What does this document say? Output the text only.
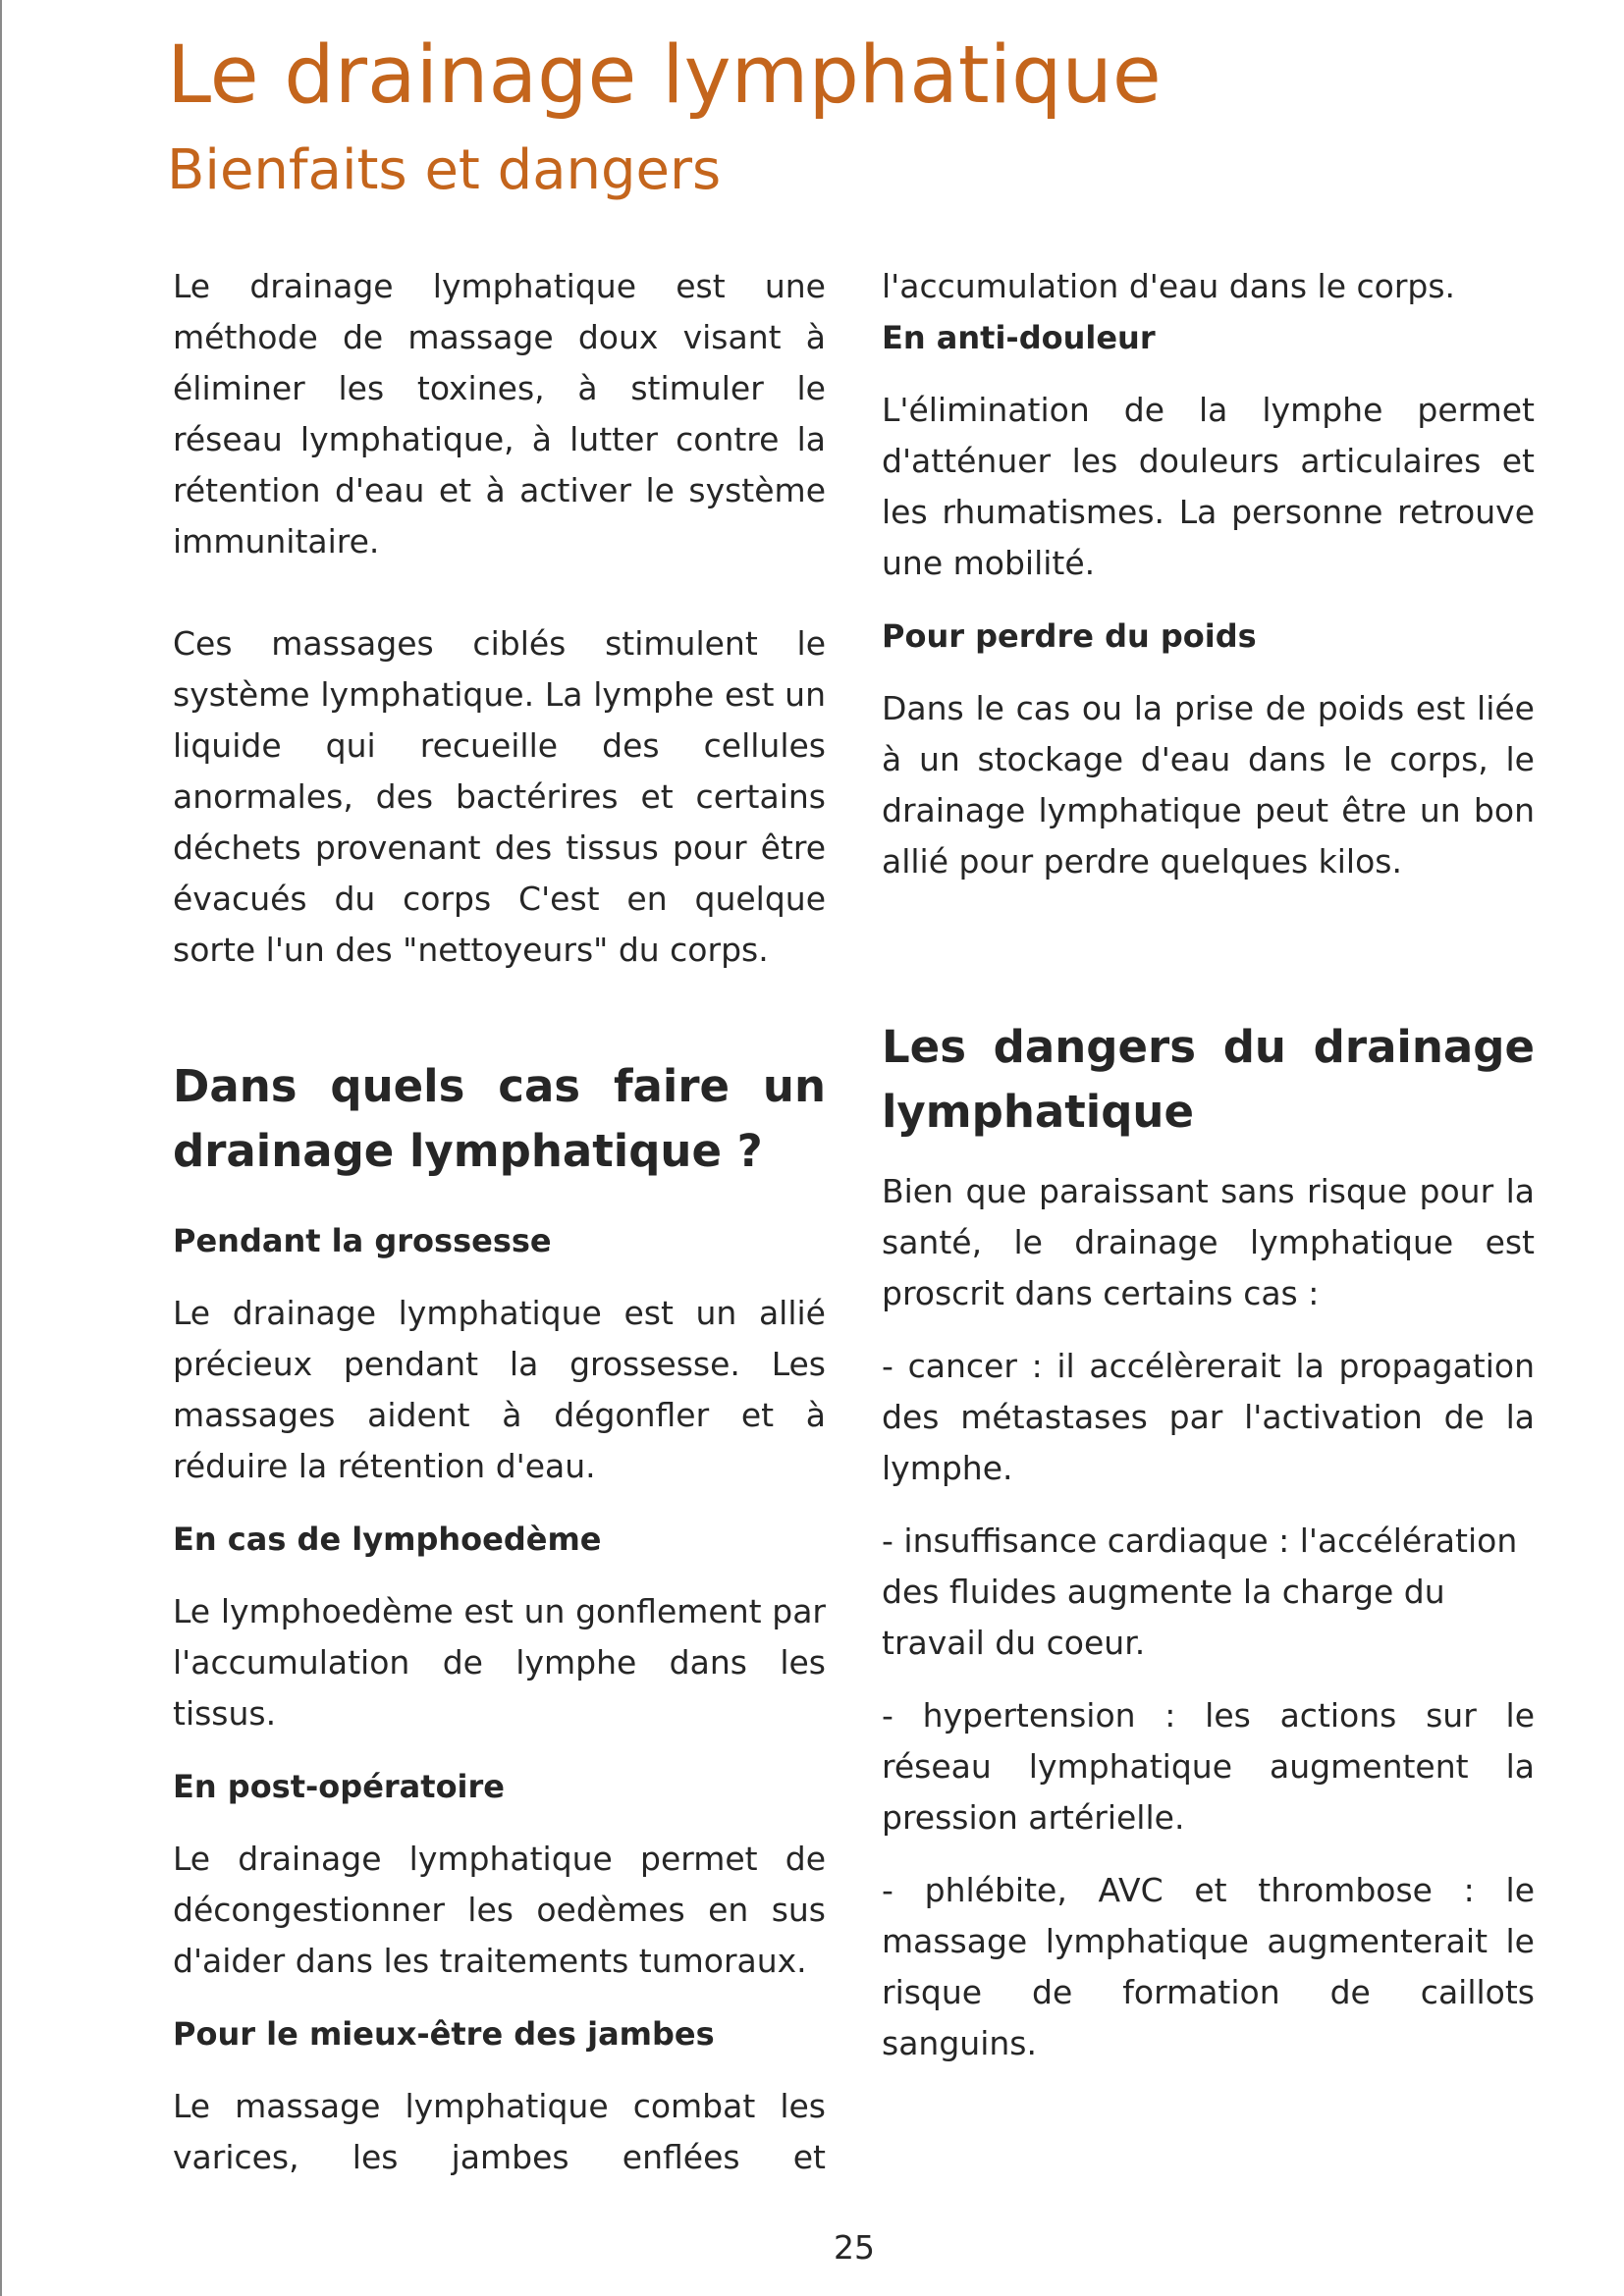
Le drainage lymphatique
Bienfaits et dangers

Le drainage lymphatique est une méthode de massage doux visant à éliminer les toxines, à stimuler le réseau lymphatique, à lutter contre la rétention d'eau et à activer le système immunitaire.

Ces massages ciblés stimulent le système lymphatique. La lymphe est un liquide qui recueille des cellules anormales, des bactérires et certains déchets provenant des tissus pour être évacués du corps C'est en quelque sorte l'un des "nettoyeurs" du corps.

Dans quels cas faire un drainage lymphatique ?
Pendant la grossesse

Le drainage lymphatique est un allié précieux pendant la grossesse. Les massages aident à dégonfler et à réduire la rétention d'eau.

En cas de lymphoedème

Le lymphoedème est un gonflement par l'accumulation de lymphe dans les tissus.

En post-opératoire

Le drainage lymphatique permet de décongestionner les oedèmes en sus d'aider dans les traitements tumoraux.

Pour le mieux-être des jambes

Le massage lymphatique combat les varices, les jambes enflées et

l'accumulation d'eau dans le corps.

En anti-douleur

L'élimination de la lymphe permet d'atténuer les douleurs articulaires et les rhumatismes. La personne retrouve une mobilité.

Pour perdre du poids

Dans le cas ou la prise de poids est liée à un stockage d'eau dans le corps, le drainage lymphatique peut être un bon allié pour perdre quelques kilos.

Les dangers du drainage lymphatique

Bien que paraissant sans risque pour la santé, le drainage lymphatique est proscrit dans certains cas :

- cancer : il accélèrerait la propagation des métastases par l'activation de la lymphe.

- insuffisance cardiaque : l'accélération des fluides augmente la charge du travail du coeur.

- hypertension : les actions sur le réseau lymphatique augmentent la pression artérielle.

- phlébite, AVC et thrombose : le massage lymphatique augmenterait le risque de formation de caillots sanguins.

25
